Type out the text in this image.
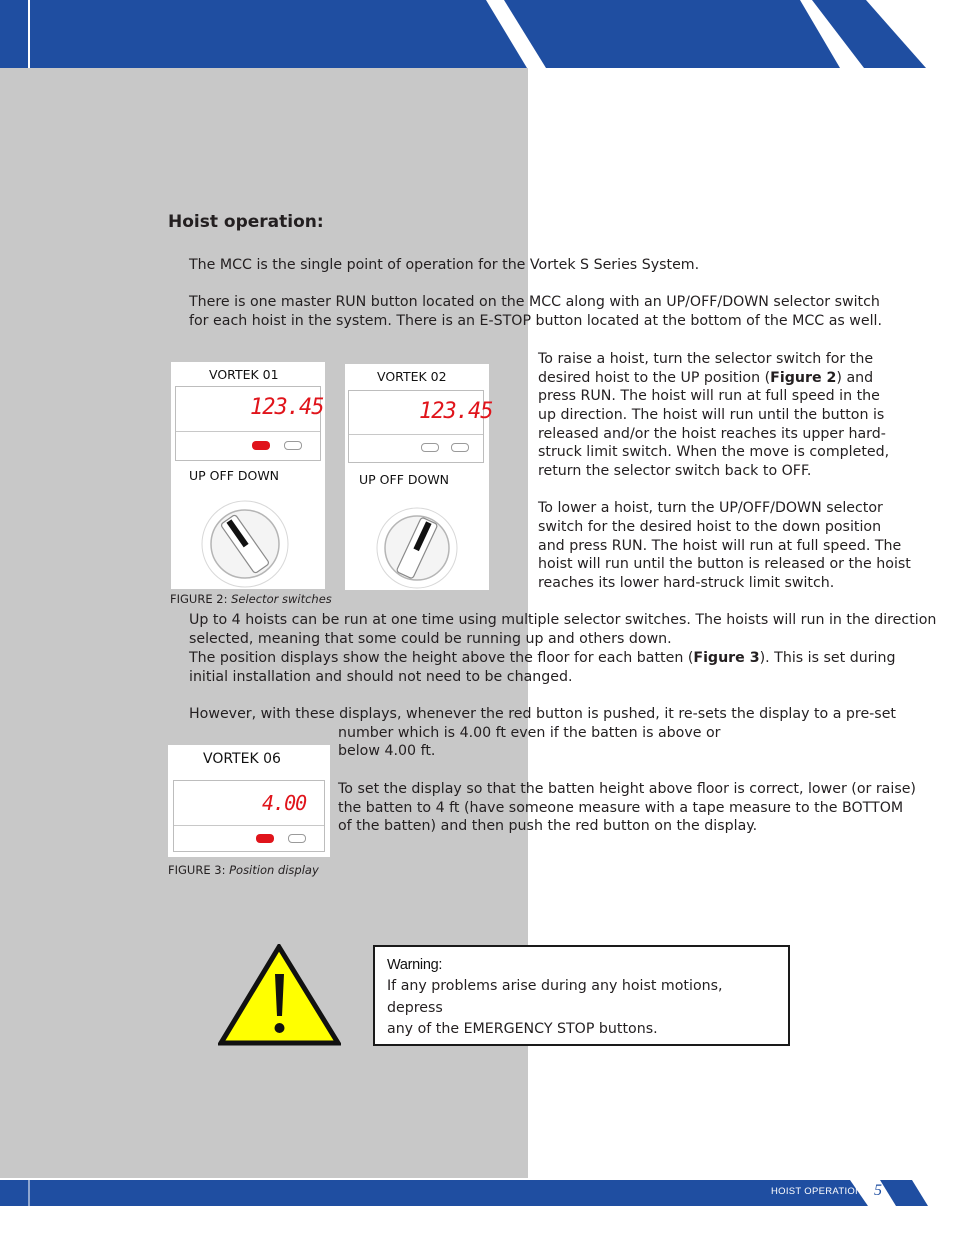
Hoist operation:
The MCC is the single point of operation for the Vortek S Series System.
There is one master RUN button located on the MCC along with an UP/OFF/DOWN selector switch
for each hoist in the system. There is an E-STOP button located at the bottom of the MCC as well.
VORTEK 01
123.45
UP OFF DOWN
VORTEK 02
123.45
UP OFF DOWN
FIGURE 2: Selector switches
To raise a hoist, turn the selector switch for the
desired hoist to the UP position (Figure 2) and
press RUN. The hoist will run at full speed in the
up direction. The hoist will run until the button is
released and/or the hoist reaches its upper hard-
struck limit switch. When the move is completed,
return the selector switch back to OFF.
To lower a hoist, turn the UP/OFF/DOWN selector
switch for the desired hoist to the down position
and press RUN. The hoist will run at full speed. The
hoist will run until the button is released or the hoist
reaches its lower hard-struck limit switch.
Up to 4 hoists can be run at one time using multiple selector switches. The hoists will run in the direction
selected, meaning that some could be running up and others down.
The position displays show the height above the floor for each batten (Figure 3). This is set during
initial installation and should not need to be changed.
However, with these displays, whenever the red button is pushed, it re-sets the display to a pre-set
number which is 4.00 ft even if the batten is above or
below 4.00 ft.
To set the display so that the batten height above floor is correct, lower (or raise)
the batten to 4 ft (have someone measure with a tape measure to the BOTTOM
of the batten) and then push the red button on the display.
VORTEK 06
4.00
FIGURE 3: Position display
Warning:
If any problems arise during any hoist motions, depress
any of the EMERGENCY STOP buttons.
HOIST OPERATION 5
